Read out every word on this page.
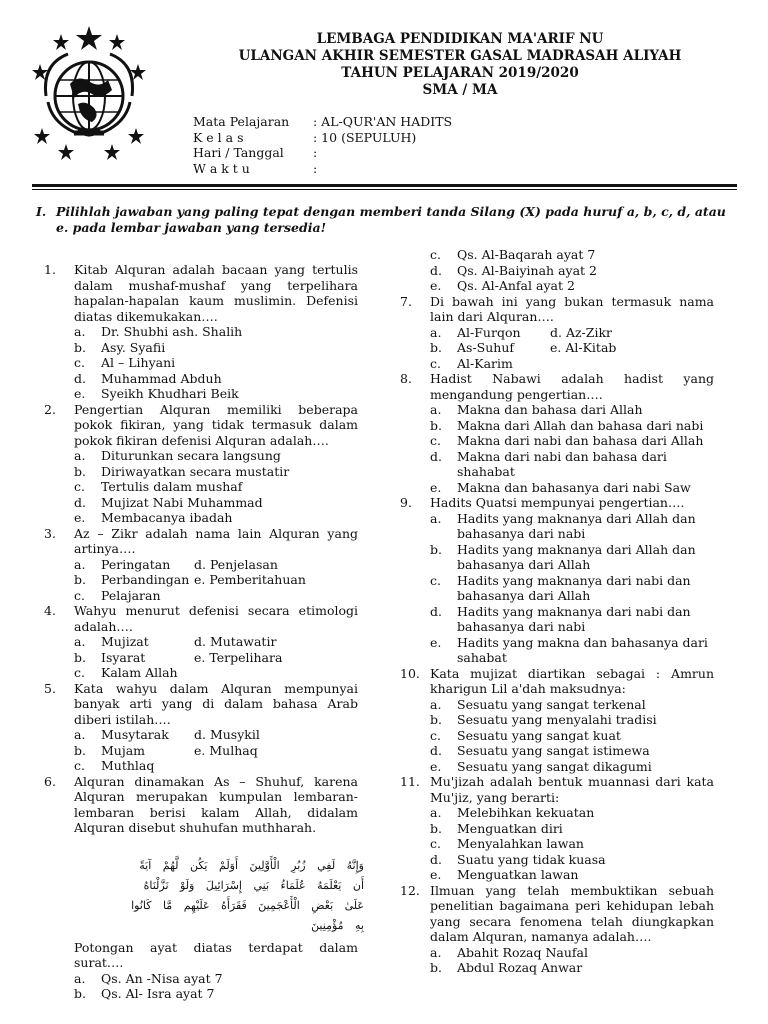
LEMBAGA PENDIDIKAN MA'ARIF NU
ULANGAN AKHIR SEMESTER GASAL MADRASAH ALIYAH
TAHUN PELAJARAN 2019/2020
SMA / MA
Mata Pelajaran	: AL-QUR'AN HADITS
K e l a s	: 10 (SEPULUH)
Hari / Tanggal	:
W a k t u	:
I. Pilihlah jawaban yang paling tepat dengan memberi tanda Silang (X) pada huruf a, b, c, d, atau e. pada lembar jawaban yang tersedia!
1. Kitab Alquran adalah bacaan yang tertulis dalam mushaf-mushaf yang terpelihara hapalan-hapalan kaum muslimin. Defenisi diatas dikemukakan….
a. Dr. Shubhi ash. Shalih
b. Asy. Syafii
c. Al – Lihyani
d. Muhammad Abduh
e. Syeikh Khudhari Beik
2. Pengertian Alquran memiliki beberapa pokok fikiran, yang tidak termasuk dalam pokok fikiran defenisi Alquran adalah….
a. Diturunkan secara langsung
b. Diriwayatkan secara mustatir
c. Tertulis dalam mushaf
d. Mujizat Nabi Muhammad
e. Membacanya ibadah
3. Az – Zikr adalah nama lain Alquran yang artinya….
a. Peringatan	d. Penjelasan
b. Perbandingan e. Pemberitahuan
c. Pelajaran
4. Wahyu menurut defenisi secara etimologi adalah….
a. Mujizat	d. Mutawatir
b. Isyarat	e. Terpelihara
c. Kalam Allah
5. Kata wahyu dalam Alquran mempunyai banyak arti yang di dalam bahasa Arab diberi istilah….
a. Musytarak	d. Musykil
b. Mujam	e. Mulhaq
c. Muthlaq
6. Alquran dinamakan As – Shuhuf, karena Alquran merupakan kumpulan lembaran-lembaran berisi kalam Allah, didalam Alquran disebut shuhufan muthharah.
وَإِنَّهُ لَفِي زُبُرِ الْأَوَّلِينَ أَوَلَمْ يَكُن لَّهُمْ آيَةً
أَن يَعْلَمَهُ عُلَمَاءُ بَنِي إِسْرَائِيلَ وَلَوْ نَزَّلْنَاهُ
عَلَىٰ بَعْضِ الْأَعْجَمِينَ فَقَرَأَهُ عَلَيْهِم مَّا كَانُوا
بِهِ مُؤْمِنِينَ
Potongan ayat diatas terdapat dalam surat….
a. Qs. An -Nisa ayat 7
b. Qs. Al- Isra ayat 7
c. Qs. Al-Baqarah ayat 7
d. Qs. Al-Baiyinah ayat 2
e. Qs. Al-Anfal ayat 2
7. Di bawah ini yang bukan termasuk nama lain dari Alquran….
a. Al-Furqon	d. Az-Zikr
b. As-Suhuf	e. Al-Kitab
c. Al-Karim
8. Hadist Nabawi adalah hadist yang mengandung pengertian….
a. Makna dan bahasa dari Allah
b. Makna dari Allah dan bahasa dari nabi
c. Makna dari nabi dan bahasa dari Allah
d. Makna dari nabi dan bahasa dari shahabat
e. Makna dan bahasanya dari nabi Saw
9. Hadits Quatsi mempunyai pengertian….
a. Hadits yang maknanya dari Allah dan bahasanya dari nabi
b. Hadits yang maknanya dari Allah dan bahasanya dari Allah
c. Hadits yang maknanya dari nabi dan bahasanya dari Allah
d. Hadits yang maknanya dari nabi dan bahasanya dari nabi
e. Hadits yang makna dan bahasanya dari sahabat
10. Kata mujizat diartikan sebagai : Amrun kharigun Lil a'dah maksudnya:
a. Sesuatu yang sangat terkenal
b. Sesuatu yang menyalahi tradisi
c. Sesuatu yang sangat kuat
d. Sesuatu yang sangat istimewa
e. Sesuatu yang sangat dikagumi
11. Mu'jizah adalah bentuk muannasi dari kata Mu'jiz, yang berarti:
a. Melebihkan kekuatan
b. Menguatkan diri
c. Menyalahkan lawan
d. Suatu yang tidak kuasa
e. Menguatkan lawan
12. Ilmuan yang telah membuktikan sebuah penelitian bagaimana peri kehidupan lebah yang secara fenomena telah diungkapkan dalam Alquran, namanya adalah….
a. Abahit Rozaq Naufal
b. Abdul Rozaq Anwar
